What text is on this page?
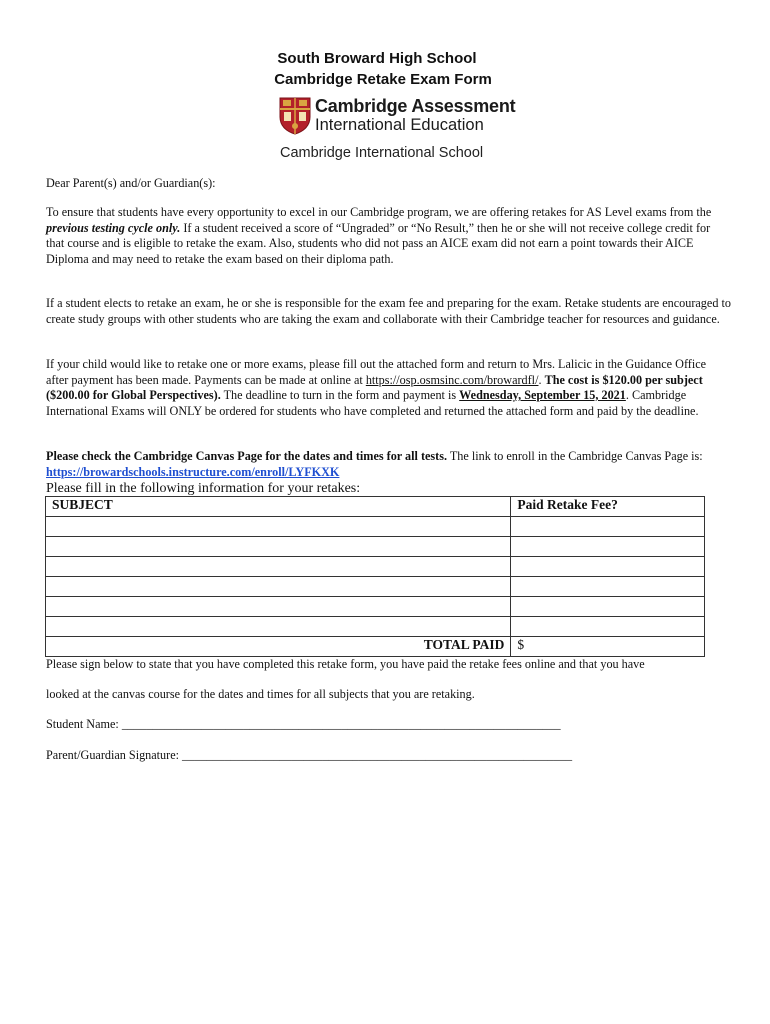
South Broward High School
Cambridge Retake Exam Form
Cambridge Assessment
International Education
Cambridge International School
Dear Parent(s) and/or Guardian(s):
To ensure that students have every opportunity to excel in our Cambridge program, we are offering retakes for AS Level exams from the previous testing cycle only. If a student received a score of “Ungraded” or “No Result,” then he or she will not receive college credit for that course and is eligible to retake the exam. Also, students who did not pass an AICE exam did not earn a point towards their AICE Diploma and may need to retake the exam based on their diploma path.
If a student elects to retake an exam, he or she is responsible for the exam fee and preparing for the exam. Retake students are encouraged to create study groups with other students who are taking the exam and collaborate with their Cambridge teacher for resources and guidance.
If your child would like to retake one or more exams, please fill out the attached form and return to Mrs. Lalicic in the Guidance Office after payment has been made. Payments can be made at online at https://osp.osmsinc.com/browardfl/. The cost is $120.00 per subject ($200.00 for Global Perspectives). The deadline to turn in the form and payment is Wednesday, September 15, 2021. Cambridge International Exams will ONLY be ordered for students who have completed and returned the attached form and paid by the deadline.
Please check the Cambridge Canvas Page for the dates and times for all tests. The link to enroll in the Cambridge Canvas Page is: https://browardschools.instructure.com/enroll/LYFKXK
Please fill in the following information for your retakes:
SUBJECT	Paid Retake Fee?

TOTAL PAID	$
Please sign below to state that you have completed this retake form, you have paid the retake fees online and that you have
looked at the canvas course for the dates and times for all subjects that you are retaking.
Student Name: ________________________________________________________________________
Parent/Guardian Signature: ________________________________________________________________
